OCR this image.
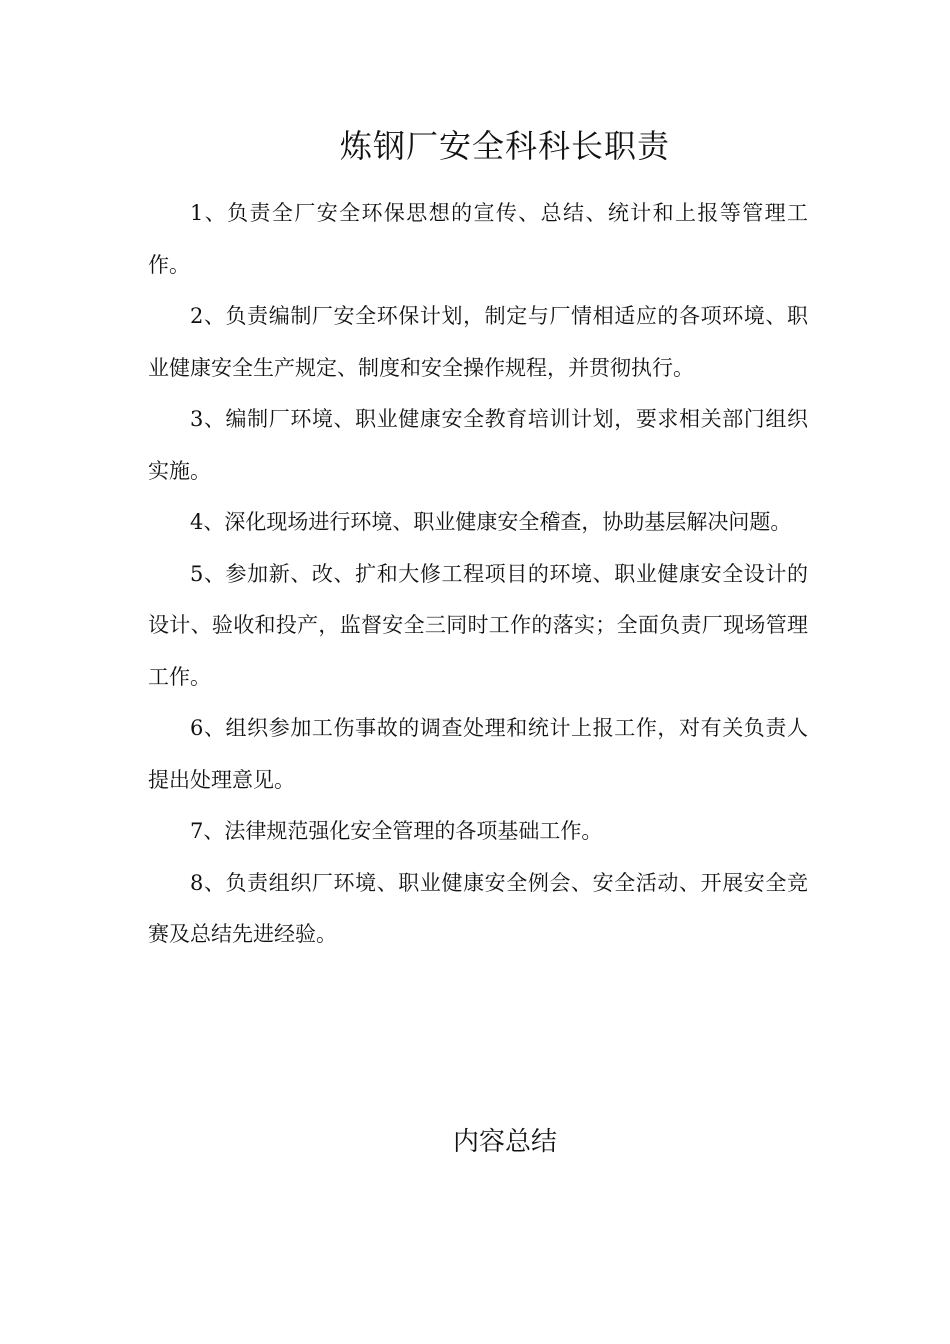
炼钢厂安全科科长职责

1、负责全厂安全环保思想的宣传、总结、统计和上报等管理工作。

2、负责编制厂安全环保计划，制定与厂情相适应的各项环境、职业健康安全生产规定、制度和安全操作规程，并贯彻执行。

3、编制厂环境、职业健康安全教育培训计划，要求相关部门组织实施。

4、深化现场进行环境、职业健康安全稽查，协助基层解决问题。

5、参加新、改、扩和大修工程项目的环境、职业健康安全设计的设计、验收和投产，监督安全三同时工作的落实；全面负责厂现场管理工作。

6、组织参加工伤事故的调查处理和统计上报工作，对有关负责人提出处理意见。

7、法律规范强化安全管理的各项基础工作。

8、负责组织厂环境、职业健康安全例会、安全活动、开展安全竞赛及总结先进经验。

内容总结
